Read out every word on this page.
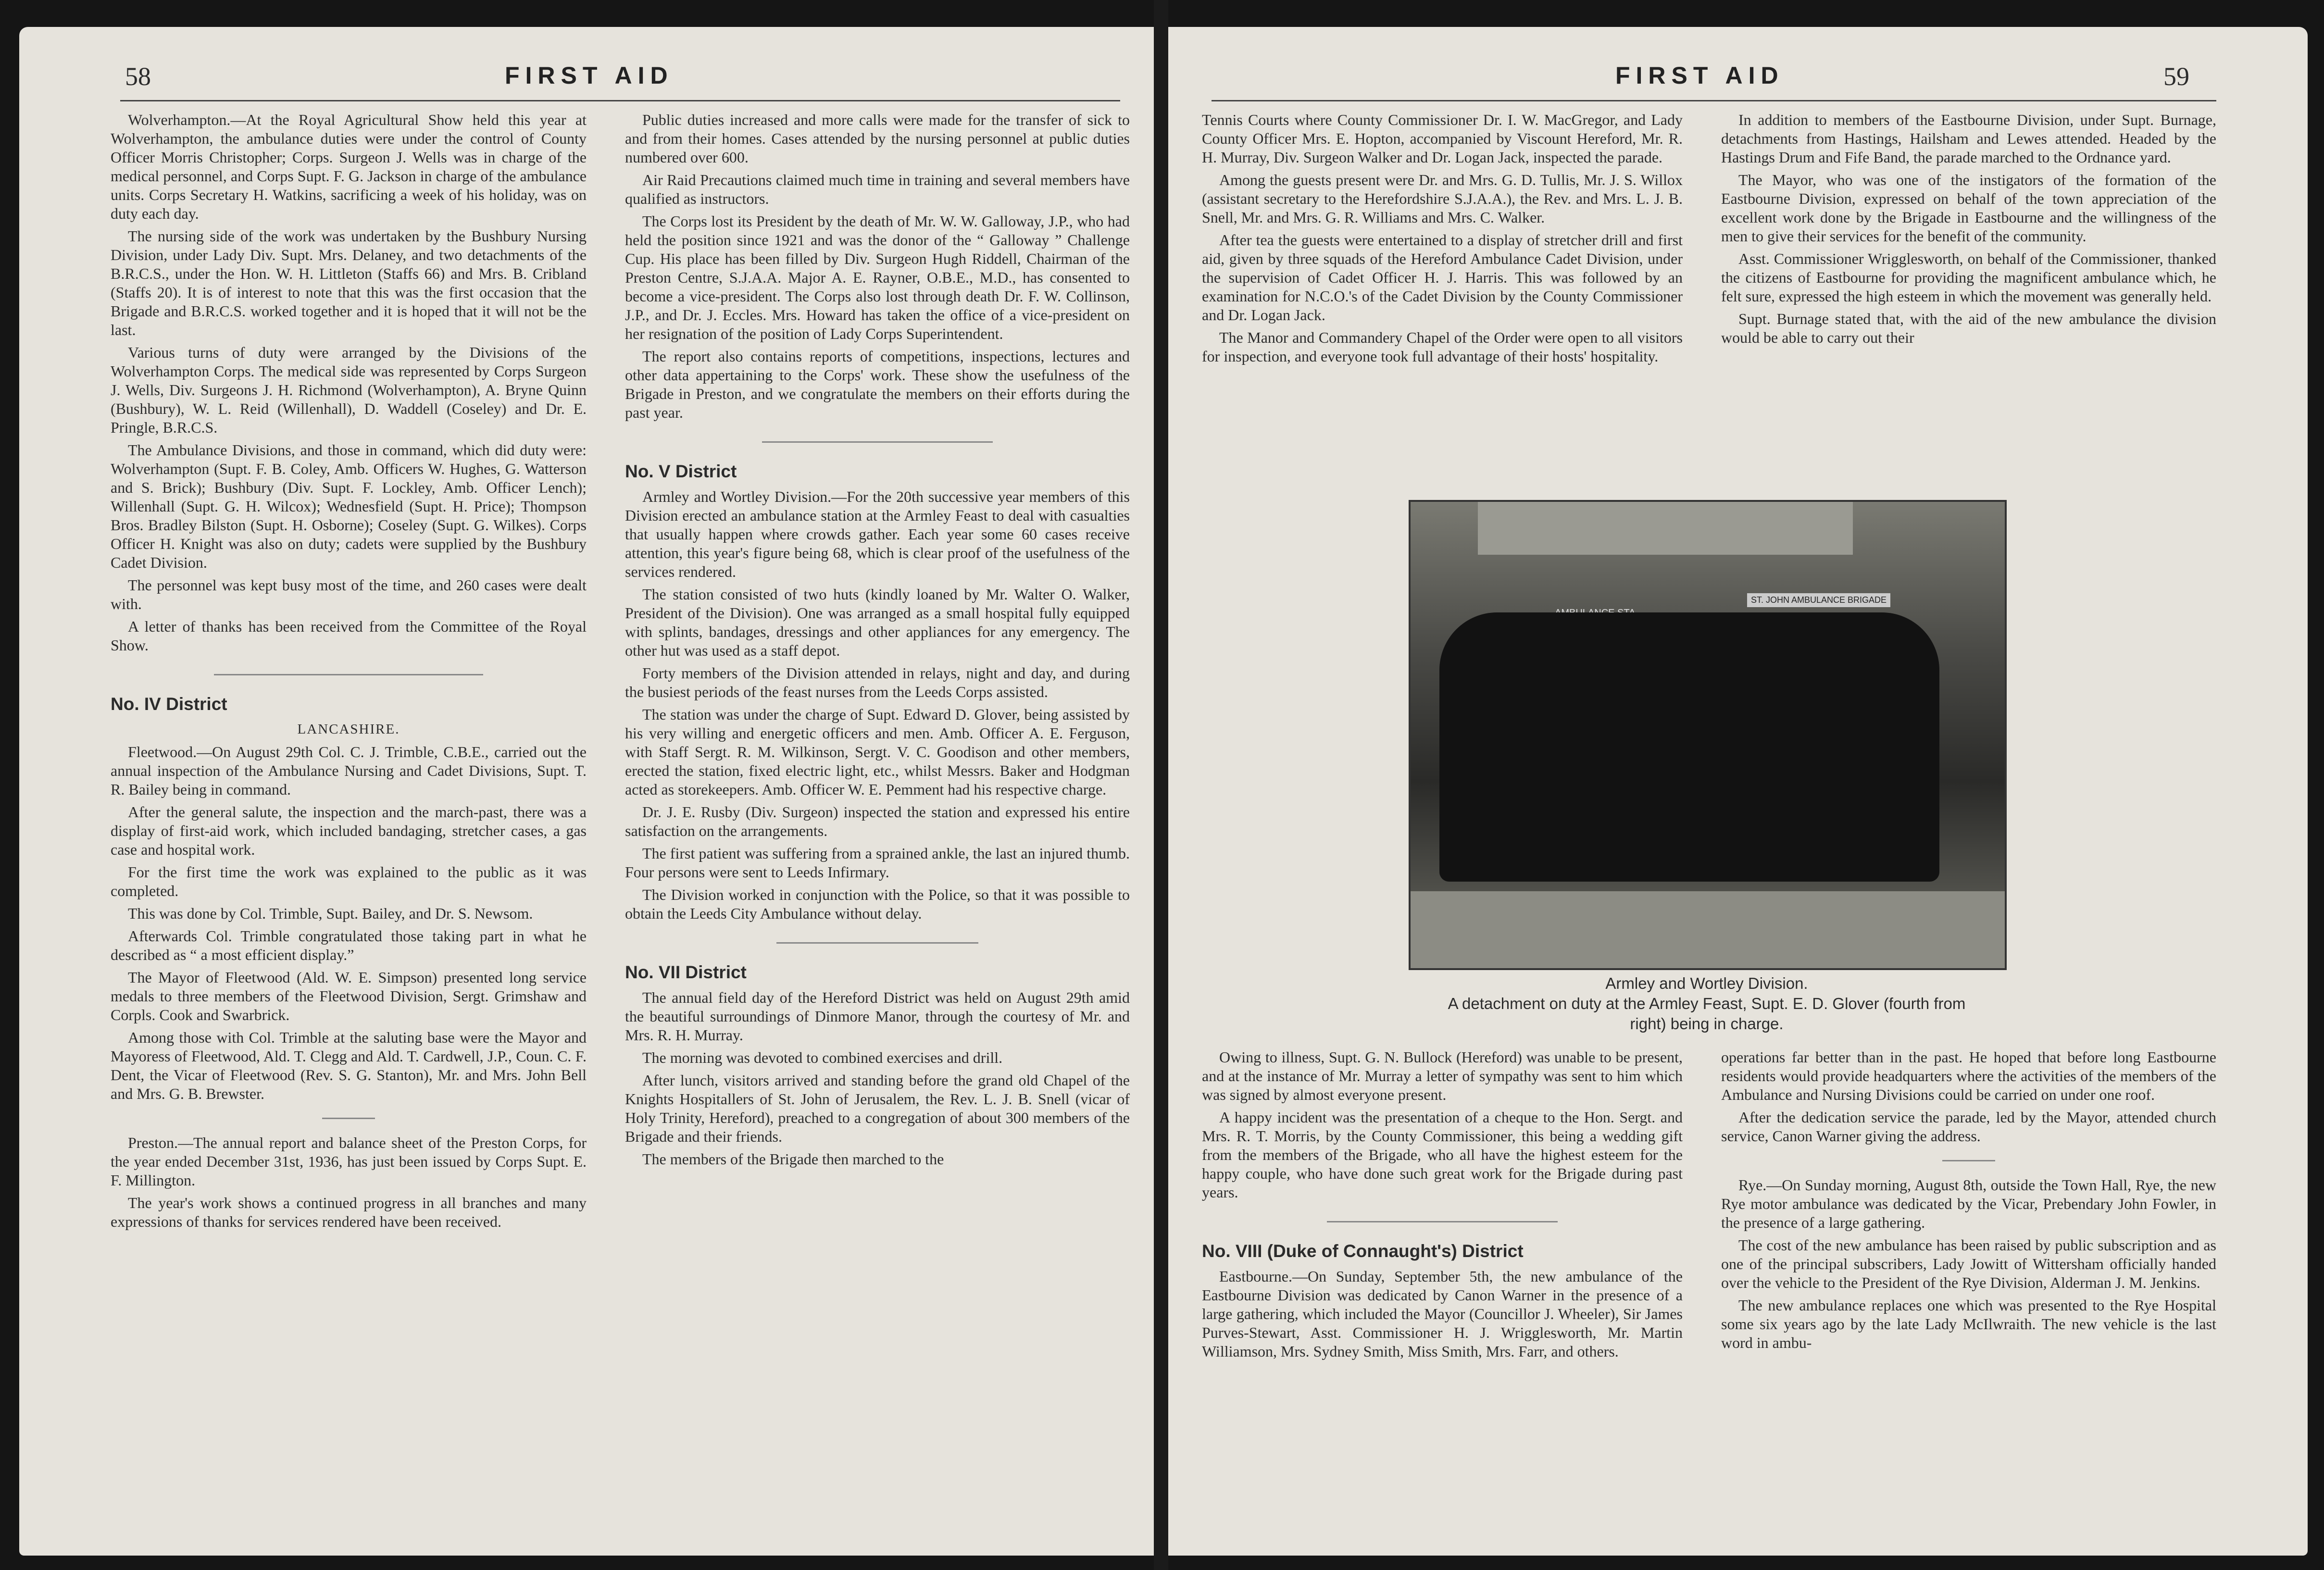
58	FIRST AID

Wolverhampton.—At the Royal Agricultural Show held this year at Wolverhampton, the ambulance duties were under the control of County Officer Morris Christopher; Corps. Surgeon J. Wells was in charge of the medical personnel, and Corps Supt. F. G. Jackson in charge of the ambulance units. Corps Secretary H. Watkins, sacrificing a week of his holiday, was on duty each day.

The nursing side of the work was undertaken by the Bushbury Nursing Division, under Lady Div. Supt. Mrs. Delaney, and two detachments of the B.R.C.S., under the Hon. W. H. Littleton (Staffs 66) and Mrs. B. Cribland (Staffs 20). It is of interest to note that this was the first occasion that the Brigade and B.R.C.S. worked together and it is hoped that it will not be the last.

Various turns of duty were arranged by the Divisions of the Wolverhampton Corps. The medical side was represented by Corps Surgeon J. Wells, Div. Surgeons J. H. Richmond (Wolverhampton), A. Bryne Quinn (Bushbury), W. L. Reid (Willenhall), D. Waddell (Coseley) and Dr. E. Pringle, B.R.C.S.

The Ambulance Divisions, and those in command, which did duty were: Wolverhampton (Supt. F. B. Coley, Amb. Officers W. Hughes, G. Watterson and S. Brick); Bushbury (Div. Supt. F. Lockley, Amb. Officer Lench); Willenhall (Supt. G. H. Wilcox); Wednesfield (Supt. H. Price); Thompson Bros. Bradley Bilston (Supt. H. Osborne); Coseley (Supt. G. Wilkes). Corps Officer H. Knight was also on duty; cadets were supplied by the Bushbury Cadet Division.

The personnel was kept busy most of the time, and 260 cases were dealt with.

A letter of thanks has been received from the Committee of the Royal Show.

No. IV District

LANCASHIRE.

Fleetwood.—On August 29th Col. C. J. Trimble, C.B.E., carried out the annual inspection of the Ambulance Nursing and Cadet Divisions, Supt. T. R. Bailey being in command.

After the general salute, the inspection and the march-past, there was a display of first-aid work, which included bandaging, stretcher cases, a gas case and hospital work.

For the first time the work was explained to the public as it was completed.

This was done by Col. Trimble, Supt. Bailey, and Dr. S. Newsom.

Afterwards Col. Trimble congratulated those taking part in what he described as “ a most efficient display.”

The Mayor of Fleetwood (Ald. W. E. Simpson) presented long service medals to three members of the Fleetwood Division, Sergt. Grimshaw and Corpls. Cook and Swarbrick.

Among those with Col. Trimble at the saluting base were the Mayor and Mayoress of Fleetwood, Ald. T. Clegg and Ald. T. Cardwell, J.P., Coun. C. F. Dent, the Vicar of Fleetwood (Rev. S. G. Stanton), Mr. and Mrs. John Bell and Mrs. G. B. Brewster.

Preston.—The annual report and balance sheet of the Preston Corps, for the year ended December 31st, 1936, has just been issued by Corps Supt. E. F. Millington.

The year's work shows a continued progress in all branches and many expressions of thanks for services rendered have been received.

Public duties increased and more calls were made for the transfer of sick to and from their homes. Cases attended by the nursing personnel at public duties numbered over 600.

Air Raid Precautions claimed much time in training and several members have qualified as instructors.

The Corps lost its President by the death of Mr. W. W. Galloway, J.P., who had held the position since 1921 and was the donor of the “ Galloway ” Challenge Cup. His place has been filled by Div. Surgeon Hugh Riddell, Chairman of the Preston Centre, S.J.A.A. Major A. E. Rayner, O.B.E., M.D., has consented to become a vice-president. The Corps also lost through death Dr. F. W. Collinson, J.P., and Dr. J. Eccles. Mrs. Howard has taken the office of a vice-president on her resignation of the position of Lady Corps Superintendent.

The report also contains reports of competitions, inspections, lectures and other data appertaining to the Corps' work. These show the usefulness of the Brigade in Preston, and we congratulate the members on their efforts during the past year.

No. V District

Armley and Wortley Division.—For the 20th successive year members of this Division erected an ambulance station at the Armley Feast to deal with casualties that usually happen where crowds gather. Each year some 60 cases receive attention, this year's figure being 68, which is clear proof of the usefulness of the services rendered.

The station consisted of two huts (kindly loaned by Mr. Walter O. Walker, President of the Division). One was arranged as a small hospital fully equipped with splints, bandages, dressings and other appliances for any emergency. The other hut was used as a staff depot.

Forty members of the Division attended in relays, night and day, and during the busiest periods of the feast nurses from the Leeds Corps assisted.

The station was under the charge of Supt. Edward D. Glover, being assisted by his very willing and energetic officers and men. Amb. Officer A. E. Ferguson, with Staff Sergt. R. M. Wilkinson, Sergt. V. C. Goodison and other members, erected the station, fixed electric light, etc., whilst Messrs. Baker and Hodgman acted as storekeepers. Amb. Officer W. E. Pemment had his respective charge.

Dr. J. E. Rusby (Div. Surgeon) inspected the station and expressed his entire satisfaction on the arrangements.

The first patient was suffering from a sprained ankle, the last an injured thumb. Four persons were sent to Leeds Infirmary.

The Division worked in conjunction with the Police, so that it was possible to obtain the Leeds City Ambulance without delay.

No. VII District

The annual field day of the Hereford District was held on August 29th amid the beautiful surroundings of Dinmore Manor, through the courtesy of Mr. and Mrs. R. H. Murray.

The morning was devoted to combined exercises and drill.

After lunch, visitors arrived and standing before the grand old Chapel of the Knights Hospitallers of St. John of Jerusalem, the Rev. L. J. B. Snell (vicar of Holy Trinity, Hereford), preached to a congregation of about 300 members of the Brigade and their friends.

The members of the Brigade then marched to the

FIRST AID	59

Tennis Courts where County Commissioner Dr. I. W. MacGregor, and Lady County Officer Mrs. E. Hopton, accompanied by Viscount Hereford, Mr. R. H. Murray, Div. Surgeon Walker and Dr. Logan Jack, inspected the parade.

Among the guests present were Dr. and Mrs. G. D. Tullis, Mr. J. S. Willox (assistant secretary to the Herefordshire S.J.A.A.), the Rev. and Mrs. L. J. B. Snell, Mr. and Mrs. G. R. Williams and Mrs. C. Walker.

After tea the guests were entertained to a display of stretcher drill and first aid, given by three squads of the Hereford Ambulance Cadet Division, under the supervision of Cadet Officer H. J. Harris. This was followed by an examination for N.C.O.'s of the Cadet Division by the County Commissioner and Dr. Logan Jack.

The Manor and Commandery Chapel of the Order were open to all visitors for inspection, and everyone took full advantage of their hosts' hospitality.

In addition to members of the Eastbourne Division, under Supt. Burnage, detachments from Hastings, Hailsham and Lewes attended. Headed by the Hastings Drum and Fife Band, the parade marched to the Ordnance yard.

The Mayor, who was one of the instigators of the formation of the Eastbourne Division, expressed on behalf of the town appreciation of the excellent work done by the Brigade in Eastbourne and the willingness of the men to give their services for the benefit of the community.

Asst. Commissioner Wrigglesworth, on behalf of the Commissioner, thanked the citizens of Eastbourne for providing the magnificent ambulance which, he felt sure, expressed the high esteem in which the movement was generally held.

Supt. Burnage stated that, with the aid of the new ambulance the division would be able to carry out their

ST. JOHN AMBULANCE BRIGADE
Armley and Wortley Division.
A detachment on duty at the Armley Feast, Supt. E. D. Glover (fourth from
right) being in charge.

Owing to illness, Supt. G. N. Bullock (Hereford) was unable to be present, and at the instance of Mr. Murray a letter of sympathy was sent to him which was signed by almost everyone present.

A happy incident was the presentation of a cheque to the Hon. Sergt. and Mrs. R. T. Morris, by the County Commissioner, this being a wedding gift from the members of the Brigade, who all have the highest esteem for the happy couple, who have done such great work for the Brigade during past years.

No. VIII (Duke of Connaught's) District

Eastbourne.—On Sunday, September 5th, the new ambulance of the Eastbourne Division was dedicated by Canon Warner in the presence of a large gathering, which included the Mayor (Councillor J. Wheeler), Sir James Purves-Stewart, Asst. Commissioner H. J. Wrigglesworth, Mr. Martin Williamson, Mrs. Sydney Smith, Miss Smith, Mrs. Farr, and others.

operations far better than in the past. He hoped that before long Eastbourne residents would provide headquarters where the activities of the members of the Ambulance and Nursing Divisions could be carried on under one roof.

After the dedication service the parade, led by the Mayor, attended church service, Canon Warner giving the address.

Rye.—On Sunday morning, August 8th, outside the Town Hall, Rye, the new Rye motor ambulance was dedicated by the Vicar, Prebendary John Fowler, in the presence of a large gathering.

The cost of the new ambulance has been raised by public subscription and as one of the principal subscribers, Lady Jowitt of Wittersham officially handed over the vehicle to the President of the Rye Division, Alderman J. M. Jenkins.

The new ambulance replaces one which was presented to the Rye Hospital some six years ago by the late Lady McIlwraith. The new vehicle is the last word in ambu-
